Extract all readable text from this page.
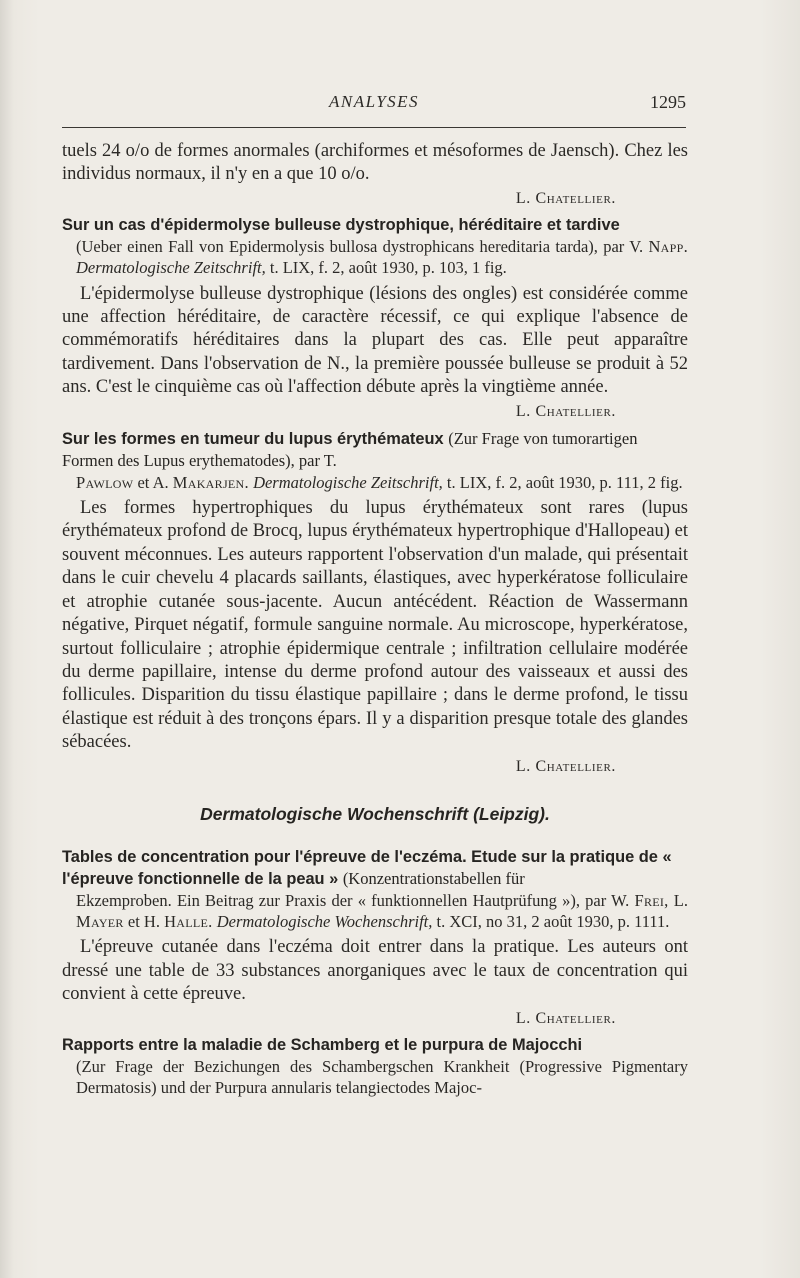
ANALYSES	1295

tuels 24 o/o de formes anormales (archiformes et mésoformes de Jaensch). Chez les individus normaux, il n'y en a que 10 o/o.

L. Chatellier.

Sur un cas d'épidermolyse bulleuse dystrophique, héréditaire et tardive

(Ueber einen Fall von Epidermolysis bullosa dystrophicans hereditaria tarda), par V. Napp. Dermatologische Zeitschrift, t. LIX, f. 2, août 1930, p. 103, 1 fig.

L'épidermolyse bulleuse dystrophique (lésions des ongles) est considérée comme une affection héréditaire, de caractère récessif, ce qui explique l'absence de commémoratifs héréditaires dans la plupart des cas. Elle peut apparaître tardivement. Dans l'observation de N., la première poussée bulleuse se produit à 52 ans. C'est le cinquième cas où l'affection débute après la vingtième année.

L. Chatellier.

Sur les formes en tumeur du lupus érythémateux (Zur Frage von tumorartigen Formen des Lupus erythematodes), par T.

Pawlow et A. Makarjen. Dermatologische Zeitschrift, t. LIX, f. 2, août 1930, p. 111, 2 fig.

Les formes hypertrophiques du lupus érythémateux sont rares (lupus érythémateux profond de Brocq, lupus érythémateux hypertrophique d'Hallopeau) et souvent méconnues. Les auteurs rapportent l'observation d'un malade, qui présentait dans le cuir chevelu 4 placards saillants, élastiques, avec hyperkératose folliculaire et atrophie cutanée sous-jacente. Aucun antécédent. Réaction de Wassermann négative, Pirquet négatif, formule sanguine normale. Au microscope, hyperkératose, surtout folliculaire ; atrophie épidermique centrale ; infiltration cellulaire modérée du derme papillaire, intense du derme profond autour des vaisseaux et aussi des follicules. Disparition du tissu élastique papillaire ; dans le derme profond, le tissu élastique est réduit à des tronçons épars. Il y a disparition presque totale des glandes sébacées.

L. Chatellier.

Dermatologische Wochenschrift (Leipzig).
Tables de concentration pour l'épreuve de l'eczéma. Etude sur la pratique de « l'épreuve fonctionnelle de la peau » (Konzentrationstabellen für

Ekzemproben. Ein Beitrag zur Praxis der « funktionnellen Hautprüfung »), par W. Frei, L. Mayer et H. Halle. Dermatologische Wochenschrift, t. XCI, no 31, 2 août 1930, p. 1111.

L'épreuve cutanée dans l'eczéma doit entrer dans la pratique. Les auteurs ont dressé une table de 33 substances anorganiques avec le taux de concentration qui convient à cette épreuve.

L. Chatellier.

Rapports entre la maladie de Schamberg et le purpura de Majocchi

(Zur Frage der Bezichungen des Schambergschen Krankheit (Progressive Pigmentary Dermatosis) und der Purpura annularis telangiectodes Majoc-
